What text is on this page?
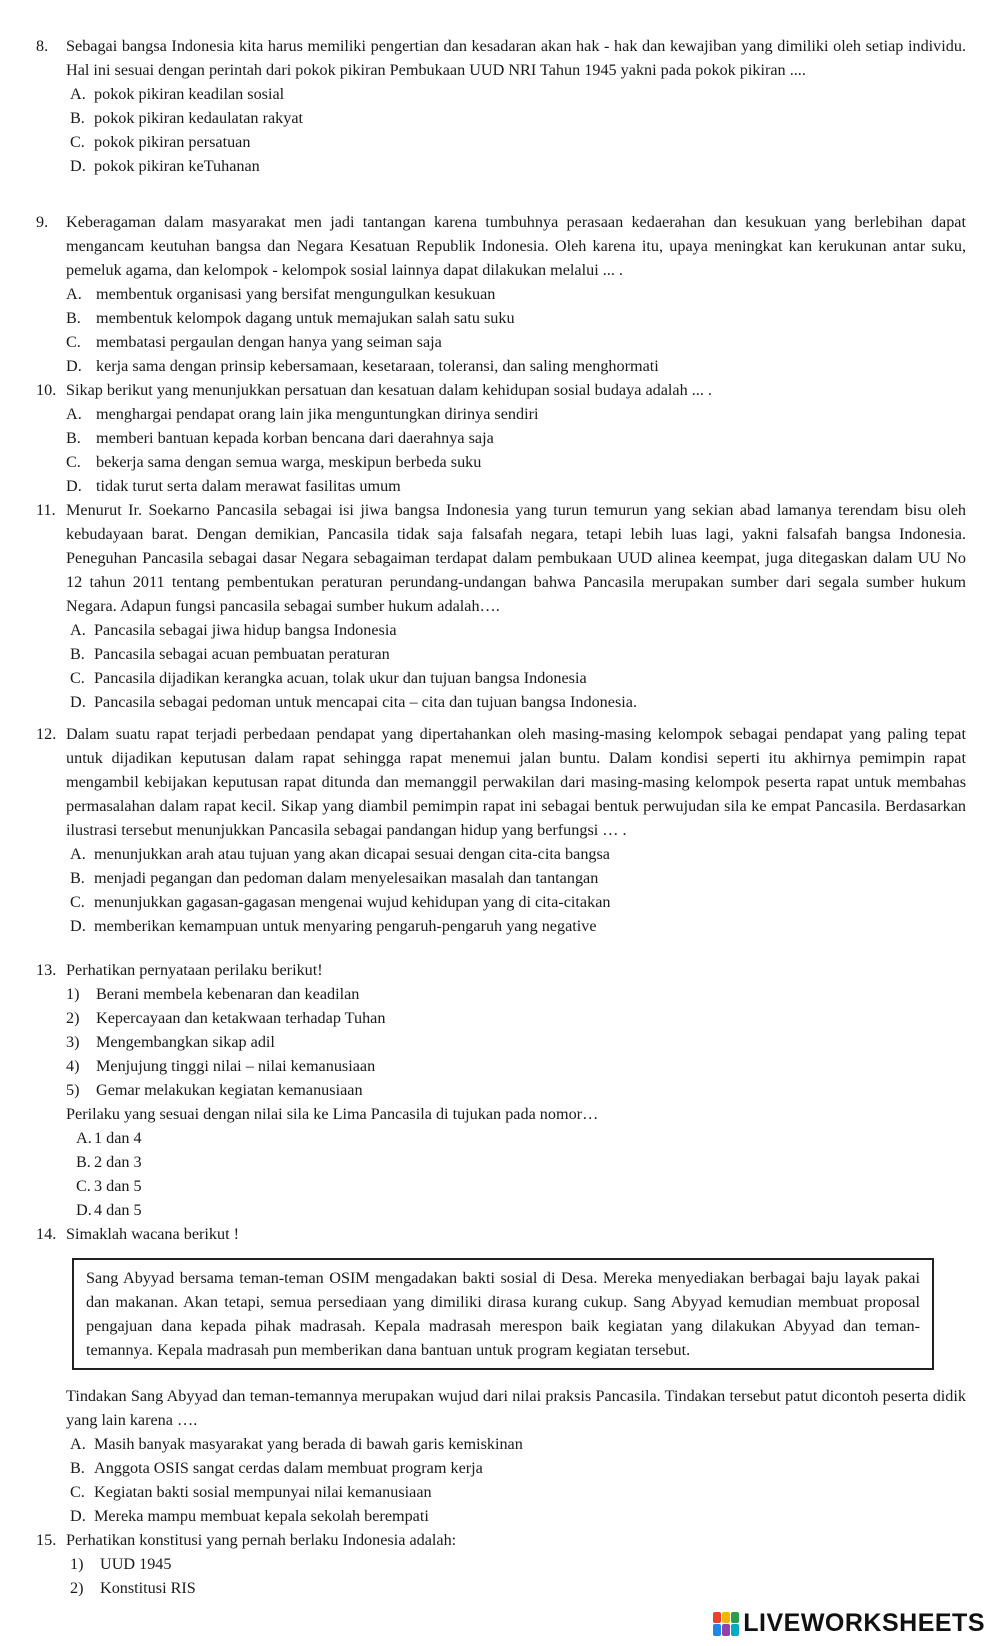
8.	Sebagai bangsa Indonesia kita harus memiliki pengertian dan kesadaran akan hak - hak dan kewajiban yang dimiliki oleh setiap individu. Hal ini sesuai dengan perintah dari pokok pikiran Pembukaan UUD NRI Tahun 1945 yakni pada pokok pikiran ....
A. pokok pikiran keadilan sosial
B. pokok pikiran kedaulatan rakyat
C. pokok pikiran persatuan
D. pokok pikiran keTuhanan
9.	Keberagaman dalam masyarakat men jadi tantangan karena tumbuhnya perasaan kedaerahan dan kesukuan yang berlebihan dapat mengancam keutuhan bangsa dan Negara Kesatuan Republik Indonesia. Oleh karena itu, upaya meningkat kan kerukunan antar suku, pemeluk agama, dan kelompok - kelompok sosial lainnya dapat dilakukan melalui ... .
A. membentuk organisasi yang bersifat mengungulkan kesukuan
B. membentuk kelompok dagang untuk memajukan salah satu suku
C. membatasi pergaulan dengan hanya yang seiman saja
D. kerja sama dengan prinsip kebersamaan, kesetaraan, toleransi, dan saling menghormati
10. Sikap berikut yang menunjukkan persatuan dan kesatuan dalam kehidupan sosial budaya adalah ... .
A. menghargai pendapat orang lain jika menguntungkan dirinya sendiri
B. memberi bantuan kepada korban bencana dari daerahnya saja
C. bekerja sama dengan semua warga, meskipun berbeda suku
D. tidak turut serta dalam merawat fasilitas umum
11. Menurut Ir. Soekarno Pancasila sebagai isi jiwa bangsa Indonesia yang turun temurun yang sekian abad lamanya terendam bisu oleh kebudayaan barat. Dengan demikian, Pancasila tidak saja falsafah negara, tetapi lebih luas lagi, yakni falsafah bangsa Indonesia. Peneguhan Pancasila sebagai dasar Negara sebagaiman terdapat dalam pembukaan UUD alinea keempat, juga ditegaskan dalam UU No 12 tahun 2011 tentang pembentukan peraturan perundang-undangan bahwa Pancasila merupakan sumber dari segala sumber hukum Negara. Adapun fungsi pancasila sebagai sumber hukum adalah….
A. Pancasila sebagai jiwa hidup bangsa Indonesia
B. Pancasila sebagai acuan pembuatan peraturan
C. Pancasila dijadikan kerangka acuan, tolak ukur dan tujuan bangsa Indonesia
D. Pancasila sebagai pedoman untuk mencapai cita – cita dan tujuan bangsa Indonesia.
12. Dalam suatu rapat terjadi perbedaan pendapat yang dipertahankan oleh masing-masing kelompok sebagai pendapat yang paling tepat untuk dijadikan keputusan dalam rapat sehingga rapat menemui jalan buntu. Dalam kondisi seperti itu akhirnya pemimpin rapat mengambil kebijakan keputusan rapat ditunda dan memanggil perwakilan dari masing-masing kelompok peserta rapat untuk membahas permasalahan dalam rapat kecil. Sikap yang diambil pemimpin rapat ini sebagai bentuk perwujudan sila ke empat Pancasila. Berdasarkan ilustrasi tersebut menunjukkan Pancasila sebagai pandangan hidup yang berfungsi … .
A. menunjukkan arah atau tujuan yang akan dicapai sesuai dengan cita-cita bangsa
B. menjadi pegangan dan pedoman dalam menyelesaikan masalah dan tantangan
C. menunjukkan gagasan-gagasan mengenai wujud kehidupan yang di cita-citakan
D. memberikan kemampuan untuk menyaring pengaruh-pengaruh yang negative
13. Perhatikan pernyataan perilaku berikut!
1)	Berani membela kebenaran dan keadilan
2)	Kepercayaan dan ketakwaan terhadap Tuhan
3)	Mengembangkan sikap adil
4)	Menjujung tinggi nilai – nilai kemanusiaan
5)	Gemar melakukan kegiatan kemanusiaan
Perilaku yang sesuai dengan nilai sila ke Lima Pancasila di tujukan pada nomor…
A. 1 dan 4
B. 2 dan 3
C. 3 dan 5
D. 4 dan 5
14. Simaklah wacana berikut !
Sang Abyyad bersama teman-teman OSIM mengadakan bakti sosial di Desa. Mereka menyediakan berbagai baju layak pakai dan makanan. Akan tetapi, semua persediaan yang dimiliki dirasa kurang cukup. Sang Abyyad kemudian membuat proposal pengajuan dana kepada pihak madrasah. Kepala madrasah merespon baik kegiatan yang dilakukan Abyyad dan teman-temannya. Kepala madrasah pun memberikan dana bantuan untuk program kegiatan tersebut.
Tindakan Sang Abyyad dan teman-temannya merupakan wujud dari nilai praksis Pancasila. Tindakan tersebut patut dicontoh peserta didik yang lain karena ….
A. Masih banyak masyarakat yang berada di bawah garis kemiskinan
B. Anggota OSIS sangat cerdas dalam membuat program kerja
C. Kegiatan bakti sosial mempunyai nilai kemanusiaan
D. Mereka mampu membuat kepala sekolah berempati
15. Perhatikan konstitusi yang pernah berlaku Indonesia adalah:
1)	UUD 1945
2)	Konstitusi RIS
LIVEWORKSHEETS
